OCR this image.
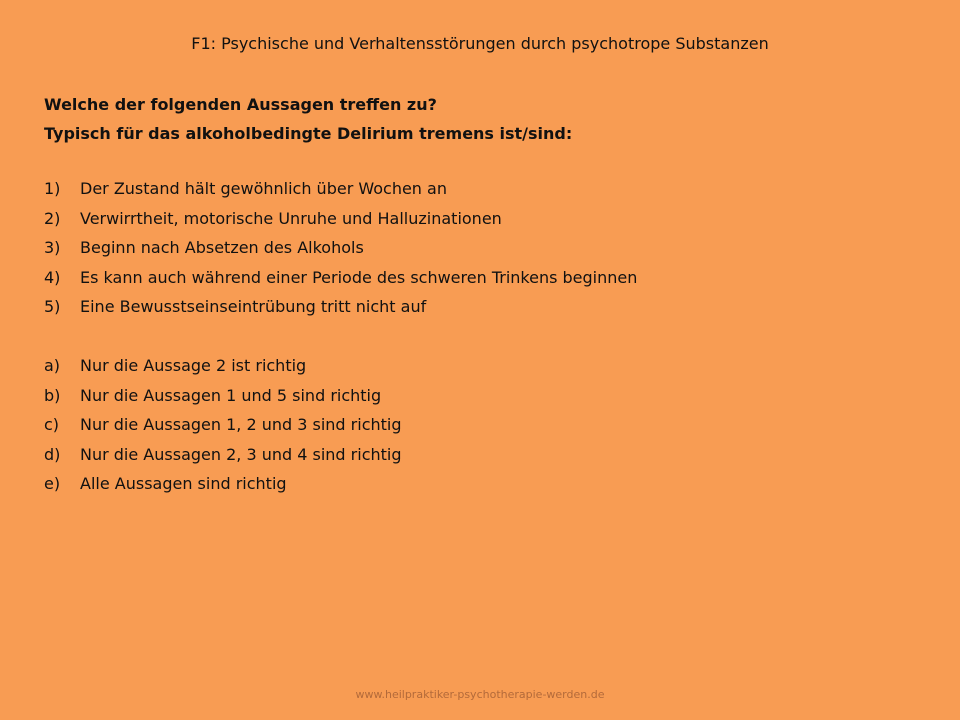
F1: Psychische und Verhaltensstörungen durch psychotrope Substanzen
Welche der folgenden Aussagen treffen zu?
Typisch für das alkoholbedingte Delirium tremens ist/sind:
1)	Der Zustand hält gewöhnlich über Wochen an
2)	Verwirrtheit, motorische Unruhe und Halluzinationen
3)	Beginn nach Absetzen des Alkohols
4)	Es kann auch während einer Periode des schweren Trinkens beginnen
5)	Eine Bewusstseinseintrübung tritt nicht auf
a)	Nur die Aussage 2 ist richtig
b)	Nur die Aussagen 1 und 5 sind richtig
c)	Nur die Aussagen 1, 2 und 3 sind richtig
d)	Nur die Aussagen 2, 3 und 4 sind richtig
e)	Alle Aussagen sind richtig
www.heilpraktiker-psychotherapie-werden.de
